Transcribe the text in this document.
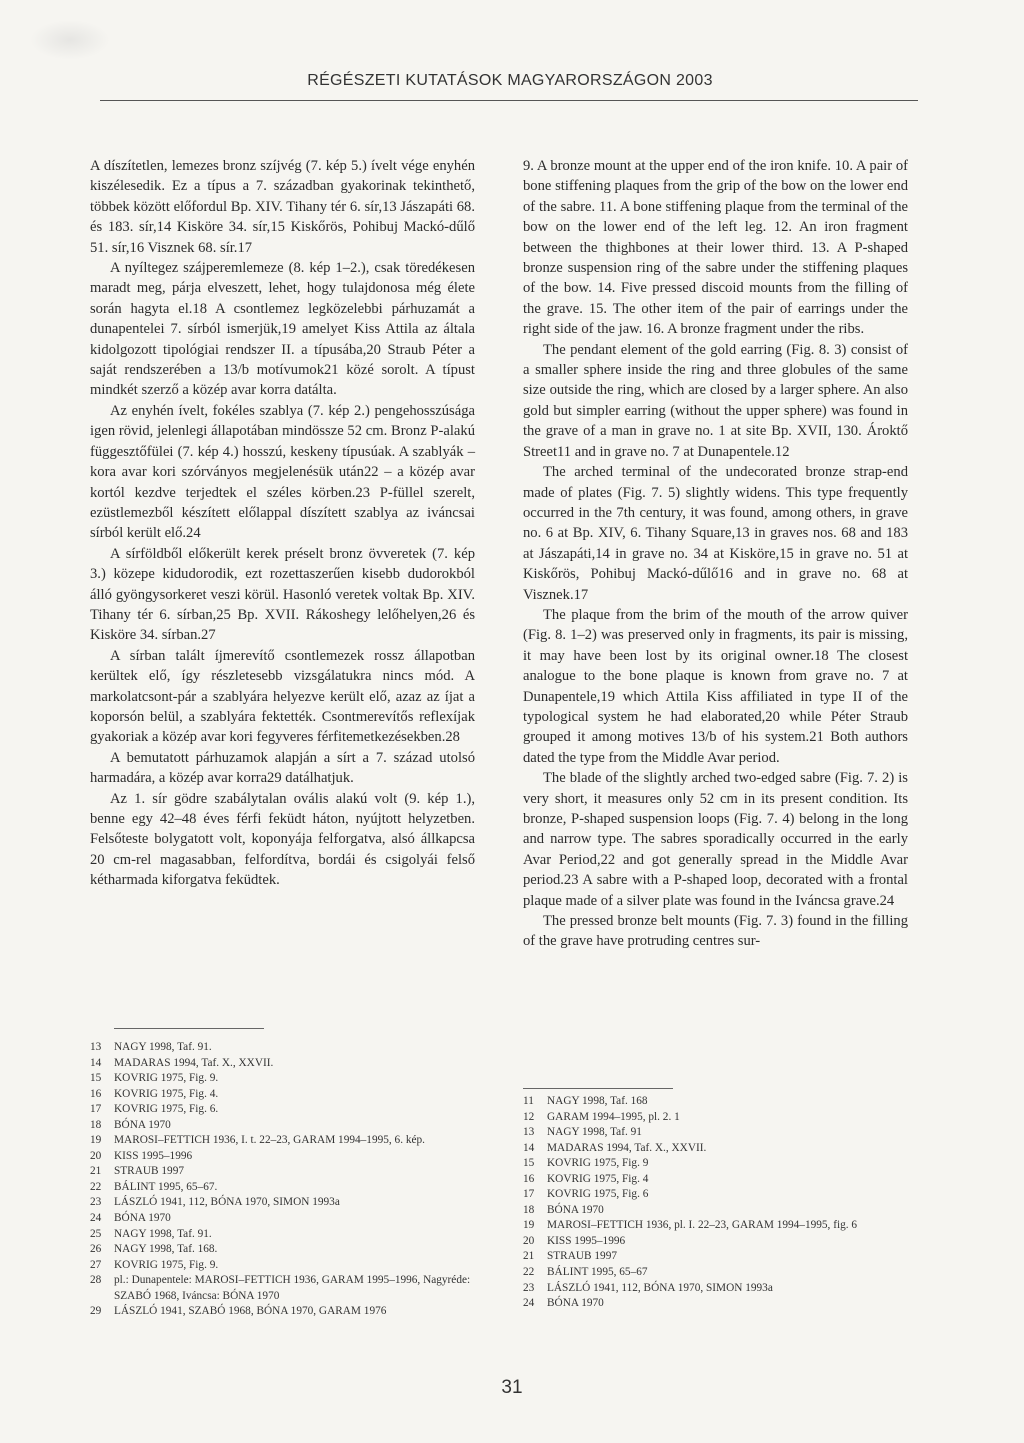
RÉGÉSZETI KUTATÁSOK MAGYARORSZÁGON 2003

A díszítetlen, lemezes bronz szíjvég (7. kép 5.) ívelt vége enyhén kiszélesedik. Ez a típus a 7. században gyakorinak tekinthető, többek között előfordul Bp. XIV. Tihany tér 6. sír,13 Jászapáti 68. és 183. sír,14 Kisköre 34. sír,15 Kiskőrös, Pohibuj Mackó-dűlő 51. sír,16 Visznek 68. sír.17

A nyíltegez szájperemlemeze (8. kép 1–2.), csak töredékesen maradt meg, párja elveszett, lehet, hogy tulajdonosa még élete során hagyta el.18 A csontlemez legközelebbi párhuzamát a dunapentelei 7. sírból ismerjük,19 amelyet Kiss Attila az általa kidolgozott tipológiai rendszer II. a típusába,20 Straub Péter a saját rendszerében a 13/b motívumok21 közé sorolt. A típust mindkét szerző a közép avar korra datálta.

Az enyhén ívelt, fokéles szablya (7. kép 2.) pengehosszúsága igen rövid, jelenlegi állapotában mindössze 52 cm. Bronz P-alakú függesztőfülei (7. kép 4.) hosszú, keskeny típusúak. A szablyák – kora avar kori szórványos megjelenésük után22 – a közép avar kortól kezdve terjedtek el széles körben.23 P-füllel szerelt, ezüstlemezből készített előlappal díszített szablya az iváncsai sírból került elő.24

A sírföldből előkerült kerek préselt bronz övveretek (7. kép 3.) közepe kidudorodik, ezt rozettaszerűen kisebb dudorokból álló gyöngysorkeret veszi körül. Hasonló veretek voltak Bp. XIV. Tihany tér 6. sírban,25 Bp. XVII. Rákoshegy lelőhelyen,26 és Kisköre 34. sírban.27

A sírban talált íjmerevítő csontlemezek rossz állapotban kerültek elő, így részletesebb vizsgálatukra nincs mód. A markolatcsont-pár a szablyára helyezve került elő, azaz az íjat a koporsón belül, a szablyára fektették. Csontmerevítős reflexíjak gyakoriak a közép avar kori fegyveres férfitemetkezésekben.28

A bemutatott párhuzamok alapján a sírt a 7. század utolsó harmadára, a közép avar korra29 datálhatjuk.

Az 1. sír gödre szabálytalan ovális alakú volt (9. kép 1.), benne egy 42–48 éves férfi feküdt háton, nyújtott helyzetben. Felsőteste bolygatott volt, koponyája felforgatva, alsó állkapcsa 20 cm-rel magasabban, felfordítva, bordái és csigolyái felső kétharmada kiforgatva feküdtek.

9. A bronze mount at the upper end of the iron knife. 10. A pair of bone stiffening plaques from the grip of the bow on the lower end of the sabre. 11. A bone stiffening plaque from the terminal of the bow on the lower end of the left leg. 12. An iron fragment between the thighbones at their lower third. 13. A P-shaped bronze suspension ring of the sabre under the stiffening plaques of the bow. 14. Five pressed discoid mounts from the filling of the grave. 15. The other item of the pair of earrings under the right side of the jaw. 16. A bronze fragment under the ribs.

The pendant element of the gold earring (Fig. 8. 3) consist of a smaller sphere inside the ring and three globules of the same size outside the ring, which are closed by a larger sphere. An also gold but simpler earring (without the upper sphere) was found in the grave of a man in grave no. 1 at site Bp. XVII, 130. Ároktő Street11 and in grave no. 7 at Dunapentele.12

The arched terminal of the undecorated bronze strap-end made of plates (Fig. 7. 5) slightly widens. This type frequently occurred in the 7th century, it was found, among others, in grave no. 6 at Bp. XIV, 6. Tihany Square,13 in graves nos. 68 and 183 at Jászapáti,14 in grave no. 34 at Kisköre,15 in grave no. 51 at Kiskőrös, Pohibuj Mackó-dűlő16 and in grave no. 68 at Visznek.17

The plaque from the brim of the mouth of the arrow quiver (Fig. 8. 1–2) was preserved only in fragments, its pair is missing, it may have been lost by its original owner.18 The closest analogue to the bone plaque is known from grave no. 7 at Dunapentele,19 which Attila Kiss affiliated in type II of the typological system he had elaborated,20 while Péter Straub grouped it among motives 13/b of his system.21 Both authors dated the type from the Middle Avar period.

The blade of the slightly arched two-edged sabre (Fig. 7. 2) is very short, it measures only 52 cm in its present condition. Its bronze, P-shaped suspension loops (Fig. 7. 4) belong in the long and narrow type. The sabres sporadically occurred in the early Avar Period,22 and got generally spread in the Middle Avar period.23 A sabre with a P-shaped loop, decorated with a frontal plaque made of a silver plate was found in the Iváncsa grave.24

The pressed bronze belt mounts (Fig. 7. 3) found in the filling of the grave have protruding centres sur-

13	NAGY 1998, Taf. 91.
14	MADARAS 1994, Taf. X., XXVII.
15	KOVRIG 1975, Fig. 9.
16	KOVRIG 1975, Fig. 4.
17	KOVRIG 1975, Fig. 6.
18	BÓNA 1970
19	MAROSI–FETTICH 1936, I. t. 22–23, GARAM 1994–1995, 6. kép.
20	KISS 1995–1996
21	STRAUB 1997
22	BÁLINT 1995, 65–67.
23	LÁSZLÓ 1941, 112, BÓNA 1970, SIMON 1993a
24	BÓNA 1970
25	NAGY 1998, Taf. 91.
26	NAGY 1998, Taf. 168.
27	KOVRIG 1975, Fig. 9.
28	pl.: Dunapentele: MAROSI–FETTICH 1936, GARAM 1995–1996, Nagyréde: SZABÓ 1968, Iváncsa: BÓNA 1970
29	LÁSZLÓ 1941, SZABÓ 1968, BÓNA 1970, GARAM 1976
11	NAGY 1998, Taf. 168
12	GARAM 1994–1995, pl. 2. 1
13	NAGY 1998, Taf. 91
14	MADARAS 1994, Taf. X., XXVII.
15	KOVRIG 1975, Fig. 9
16	KOVRIG 1975, Fig. 4
17	KOVRIG 1975, Fig. 6
18	BÓNA 1970
19	MAROSI–FETTICH 1936, pl. I. 22–23, GARAM 1994–1995, fig. 6
20	KISS 1995–1996
21	STRAUB 1997
22	BÁLINT 1995, 65–67
23	LÁSZLÓ 1941, 112, BÓNA 1970, SIMON 1993a
24	BÓNA 1970
31
